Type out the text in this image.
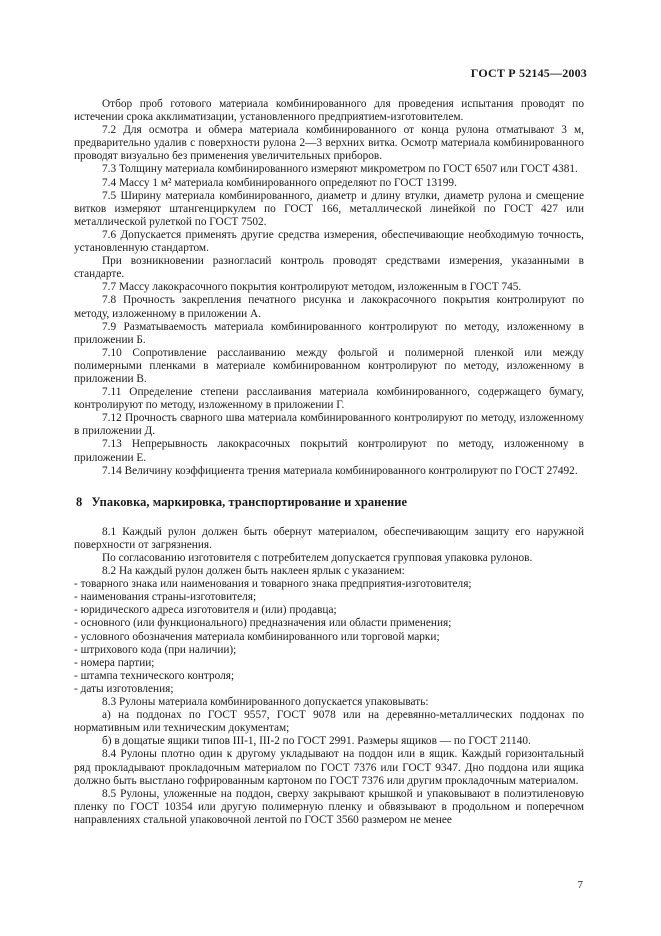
ГОСТ Р 52145—2003

Отбор проб готового материала комбинированного для проведения испытания проводят по истечении срока акклиматизации, установленного предприятием-изготовителем.

7.2 Для осмотра и обмера материала комбинированного от конца рулона отматывают 3 м, предварительно удалив с поверхности рулона 2—3 верхних витка. Осмотр материала комбинированного проводят визуально без применения увеличительных приборов.

7.3 Толщину материала комбинированного измеряют микрометром по ГОСТ 6507 или ГОСТ 4381.

7.4 Массу 1 м² материала комбинированного определяют по ГОСТ 13199.

7.5 Ширину материала комбинированного, диаметр и длину втулки, диаметр рулона и смещение витков измеряют штангенциркулем по ГОСТ 166, металлической линейкой по ГОСТ 427 или металлической рулеткой по ГОСТ 7502.

7.6 Допускается применять другие средства измерения, обеспечивающие необходимую точность, установленную стандартом.

При возникновении разногласий контроль проводят средствами измерения, указанными в стандарте.

7.7 Массу лакокрасочного покрытия контролируют методом, изложенным в ГОСТ 745.

7.8 Прочность закрепления печатного рисунка и лакокрасочного покрытия контролируют по методу, изложенному в приложении А.

7.9 Разматываемость материала комбинированного контролируют по методу, изложенному в приложении Б.

7.10 Сопротивление расслаиванию между фольгой и полимерной пленкой или между полимерными пленками в материале комбинированном контролируют по методу, изложенному в приложении В.

7.11 Определение степени расслаивания материала комбинированного, содержащего бумагу, контролируют по методу, изложенному в приложении Г.

7.12 Прочность сварного шва материала комбинированного контролируют по методу, изложенному в приложении Д.

7.13 Непрерывность лакокрасочных покрытий контролируют по методу, изложенному в приложении Е.

7.14 Величину коэффициента трения материала комбинированного контролируют по ГОСТ 27492.

8 Упаковка, маркировка, транспортирование и хранение

8.1 Каждый рулон должен быть обернут материалом, обеспечивающим защиту его наружной поверхности от загрязнения.

По согласованию изготовителя с потребителем допускается групповая упаковка рулонов.

8.2 На каждый рулон должен быть наклеен ярлык с указанием:

- товарного знака или наименования и товарного знака предприятия-изготовителя;

- наименования страны-изготовителя;

- юридического адреса изготовителя и (или) продавца;

- основного (или функционального) предназначения или области применения;

- условного обозначения материала комбинированного или торговой марки;

- штрихового кода (при наличии);

- номера партии;

- штампа технического контроля;

- даты изготовления;

8.3 Рулоны материала комбинированного допускается упаковывать:

а) на поддонах по ГОСТ 9557, ГОСТ 9078 или на деревянно-металлических поддонах по нормативным или техническим документам;

б) в дощатые ящики типов III-1, III-2 по ГОСТ 2991. Размеры ящиков — по ГОСТ 21140.

8.4 Рулоны плотно один к другому укладывают на поддон или в ящик. Каждый горизонтальный ряд прокладывают прокладочным материалом по ГОСТ 7376 или ГОСТ 9347. Дно поддона или ящика должно быть выстлано гофрированным картоном по ГОСТ 7376 или другим прокладочным материалом.

8.5 Рулоны, уложенные на поддон, сверху закрывают крышкой и упаковывают в полиэтиленовую пленку по ГОСТ 10354 или другую полимерную пленку и обвязывают в продольном и поперечном направлениях стальной упаковочной лентой по ГОСТ 3560 размером не менее

7
